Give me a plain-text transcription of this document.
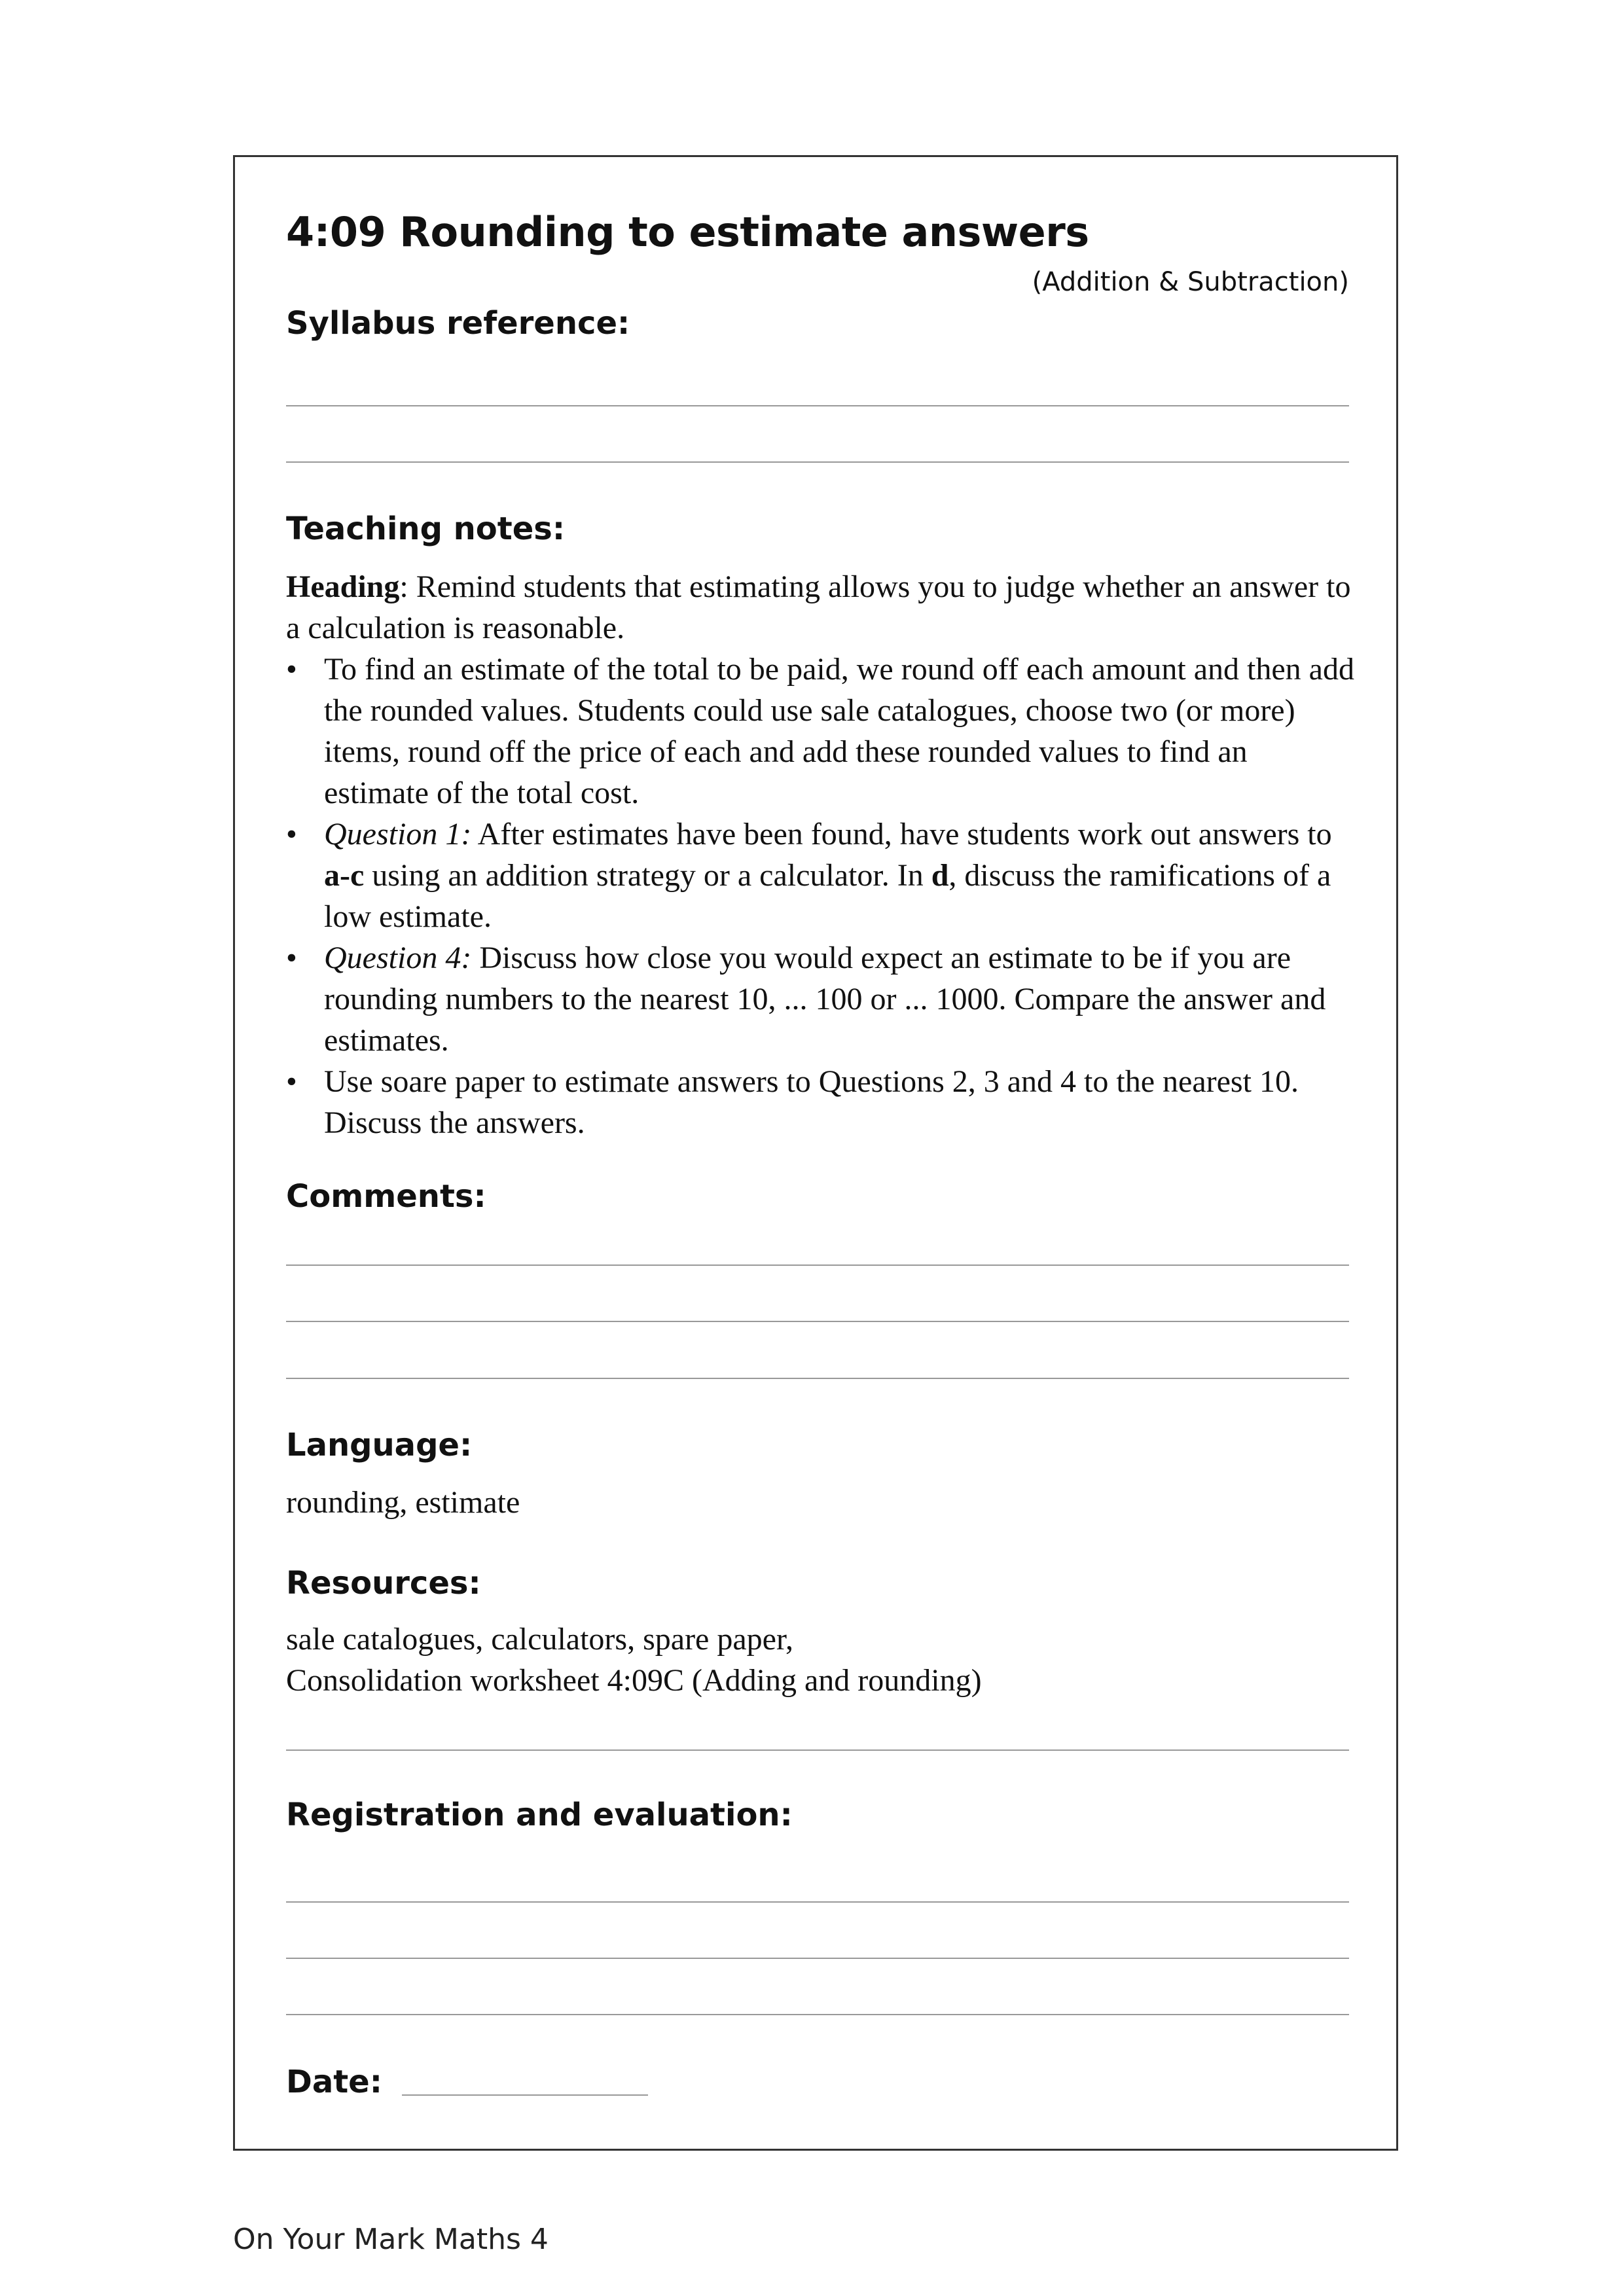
4:09 Rounding to estimate answers
(Addition & Subtraction)
Syllabus reference:
Teaching notes:

Heading: Remind students that estimating allows you to judge whether an answer to a calculation is reasonable.

• To find an estimate of the total to be paid, we round off each amount and then add the rounded values. Students could use sale catalogues, choose two (or more) items, round off the price of each and add these rounded values to find an estimate of the total cost.
• Question 1: After estimates have been found, have students work out answers to a-c using an addition strategy or a calculator. In d, discuss the ramifications of a low estimate.
• Question 4: Discuss how close you would expect an estimate to be if you are rounding numbers to the nearest 10, ... 100 or ... 1000. Compare the answer and estimates.
• Use soare paper to estimate answers to Questions 2, 3 and 4 to the nearest 10. Discuss the answers.
Comments:
Language:
rounding, estimate
Resources:
sale catalogues, calculators, spare paper,
Consolidation worksheet 4:09C (Adding and rounding)
Registration and evaluation:
Date:
On Your Mark Maths 4
